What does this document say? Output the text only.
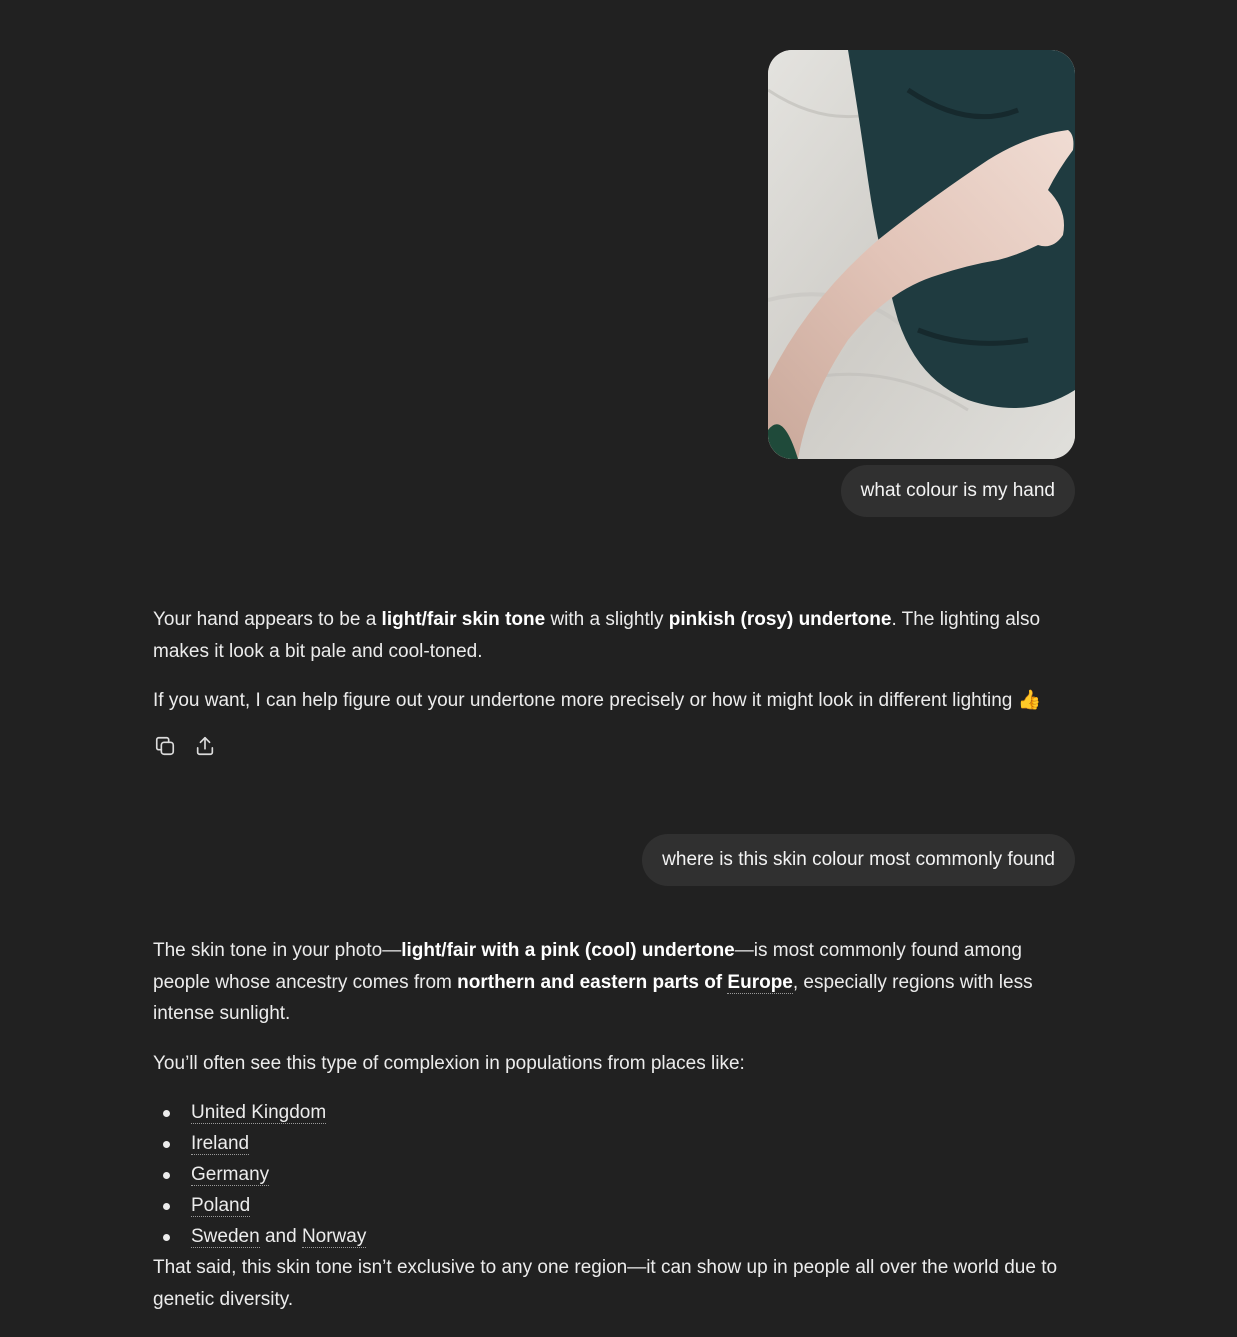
what colour is my hand

Your hand appears to be a light/fair skin tone with a slightly pinkish (rosy) undertone. The lighting also makes it look a bit pale and cool-toned.

If you want, I can help figure out your undertone more precisely or how it might look in different lighting 👍

where is this skin colour most commonly found

The skin tone in your photo—light/fair with a pink (cool) undertone—is most commonly found among people whose ancestry comes from northern and eastern parts of Europe, especially regions with less intense sunlight.

You’ll often see this type of complexion in populations from places like:

United Kingdom
Ireland
Germany
Poland
Sweden and Norway

That said, this skin tone isn’t exclusive to any one region—it can show up in people all over the world due to genetic diversity.
